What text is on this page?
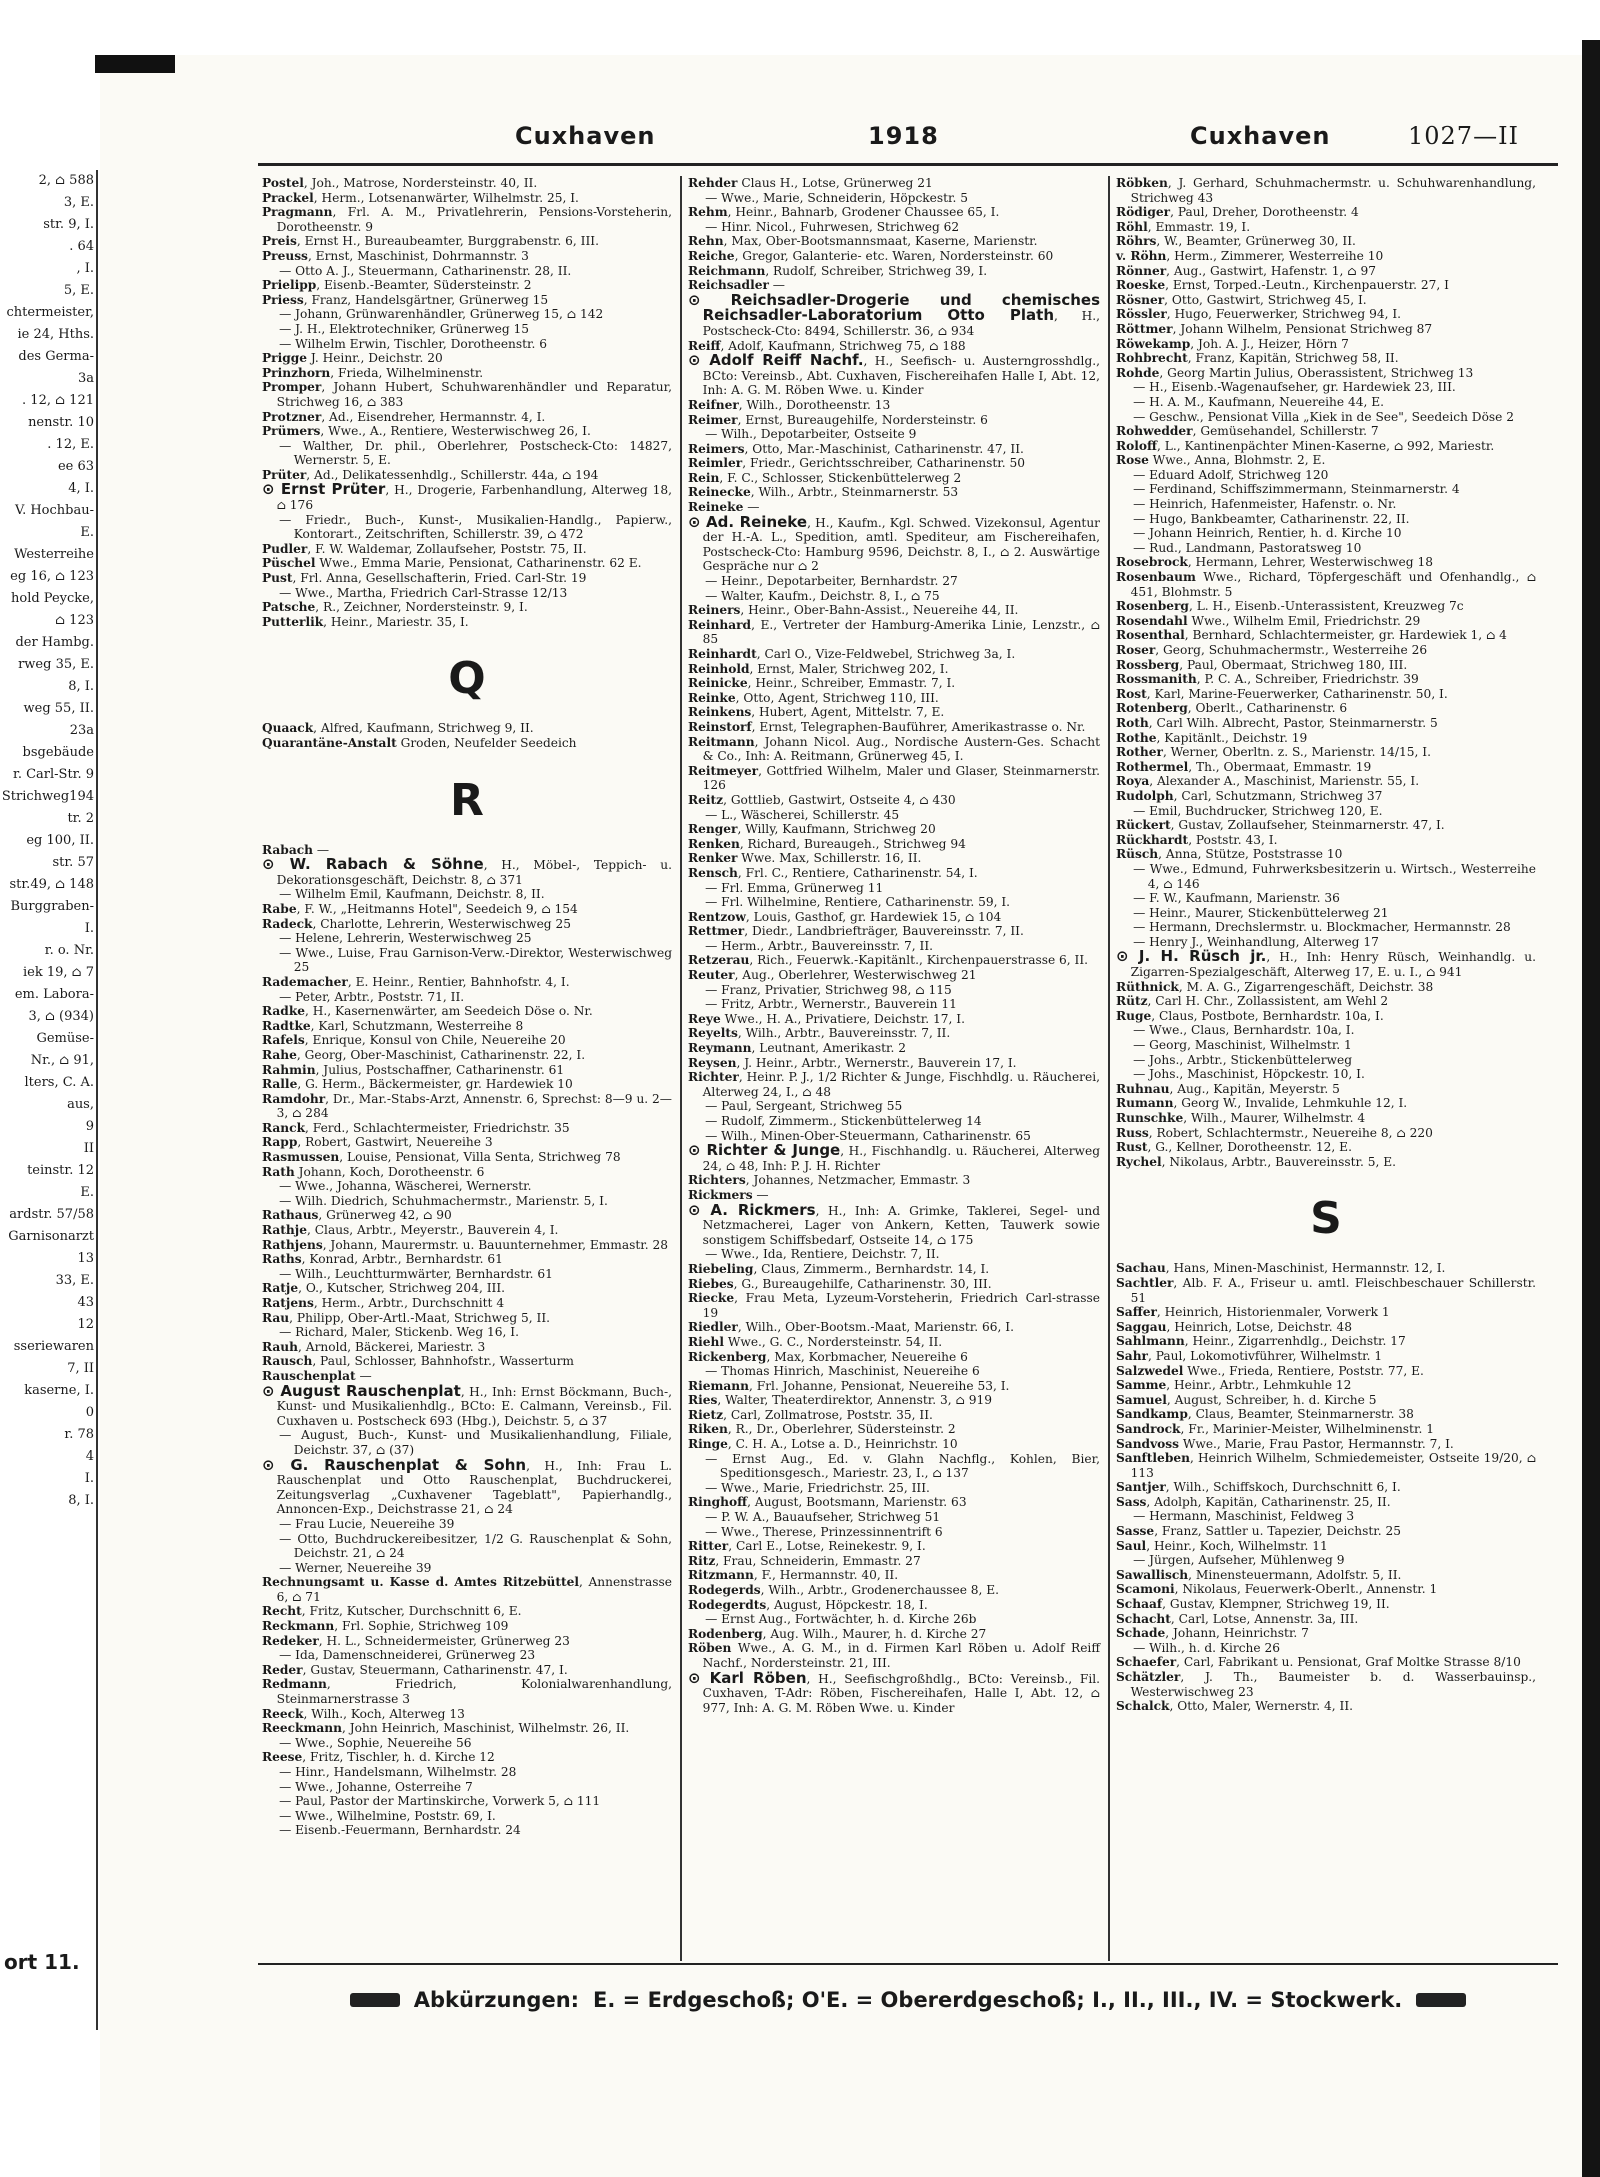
2, ⌂ 588
3, E.
str. 9, I.
. 64
, I.
5, E.
chtermeister,
ie 24, Hths.
des Germa-
3a
. 12, ⌂ 121
nenstr. 10
. 12, E.
ee 63
4, I.
V. Hochbau-
E.
Westerreihe
eg 16, ⌂ 123
hold Peycke,
⌂ 123
der Hambg.
rweg 35, E.
8, I.
weg 55, II.
23a
bsgebäude
r. Carl-Str. 9
Strichweg194
tr. 2
eg 100, II.
str. 57
str.49, ⌂ 148
Burggraben-
I.
r. o. Nr.
iek 19, ⌂ 7
em. Labora-
3, ⌂ (934)
Gemüse-
Nr., ⌂ 91,
lters, C. A.
aus,
9
II
teinstr. 12
E.
ardstr. 57/58
Garnisonarzt
13
33, E.
43
12
sseriewaren
7, II
kaserne, I.
0
r. 78
4
I.
8, I.
ort 11.
Cuxhaven	1918	Cuxhaven	1027—II

Postel, Joh., Matrose, Nordersteinstr. 40, II.

Prackel, Herm., Lotsenanwärter, Wilhelmstr. 25, I.

Pragmann, Frl. A. M., Privatlehrerin, Pensions-Vorsteherin, Dorotheenstr. 9

Preis, Ernst H., Bureaubeamter, Burggrabenstr. 6, III.

Preuss, Ernst, Maschinist, Dohrmannstr. 3

— Otto A. J., Steuermann, Catharinenstr. 28, II.

Prielipp, Eisenb.-Beamter, Südersteinstr. 2

Priess, Franz, Handelsgärtner, Grünerweg 15

— Johann, Grünwarenhändler, Grünerweg 15, ⌂ 142

— J. H., Elektrotechniker, Grünerweg 15

— Wilhelm Erwin, Tischler, Dorotheenstr. 6

Prigge J. Heinr., Deichstr. 20

Prinzhorn, Frieda, Wilhelminenstr.

Promper, Johann Hubert, Schuhwarenhändler und Reparatur, Strichweg 16, ⌂ 383

Protzner, Ad., Eisendreher, Hermannstr. 4, I.

Prümers, Wwe., A., Rentiere, Westerwischweg 26, I.

— Walther, Dr. phil., Oberlehrer, Postscheck-Cto: 14827, Wernerstr. 5, E.

Prüter, Ad., Delikatessenhdlg., Schillerstr. 44a, ⌂ 194

⊙ Ernst Prüter, H., Drogerie, Farbenhandlung, Alterweg 18, ⌂ 176

— Friedr., Buch-, Kunst-, Musikalien-Handlg., Papierw., Kontorart., Zeitschriften, Schillerstr. 39, ⌂ 472

Pudler, F. W. Waldemar, Zollaufseher, Poststr. 75, II.

Püschel Wwe., Emma Marie, Pensionat, Catharinenstr. 62 E.

Pust, Frl. Anna, Gesellschafterin, Fried. Carl-Str. 19

— Wwe., Martha, Friedrich Carl-Strasse 12/13

Patsche, R., Zeichner, Nordersteinstr. 9, I.

Putterlik, Heinr., Mariestr. 35, I.

Q

Quaack, Alfred, Kaufmann, Strichweg 9, II.

Quarantäne-Anstalt Groden, Neufelder Seedeich

R

Rabach —

⊙ W. Rabach & Söhne, H., Möbel-, Teppich- u. Dekorationsgeschäft, Deichstr. 8, ⌂ 371

— Wilhelm Emil, Kaufmann, Deichstr. 8, II.

Rabe, F. W., „Heitmanns Hotel", Seedeich 9, ⌂ 154

Radeck, Charlotte, Lehrerin, Westerwischweg 25

— Helene, Lehrerin, Westerwischweg 25

— Wwe., Luise, Frau Garnison-Verw.-Direktor, Westerwischweg 25

Rademacher, E. Heinr., Rentier, Bahnhofstr. 4, I.

— Peter, Arbtr., Poststr. 71, II.

Radke, H., Kasernenwärter, am Seedeich Döse o. Nr.

Radtke, Karl, Schutzmann, Westerreihe 8

Rafels, Enrique, Konsul von Chile, Neuereihe 20

Rahe, Georg, Ober-Maschinist, Catharinenstr. 22, I.

Rahmin, Julius, Postschaffner, Catharinenstr. 61

Ralle, G. Herm., Bäckermeister, gr. Hardewiek 10

Ramdohr, Dr., Mar.-Stabs-Arzt, Annenstr. 6, Sprechst: 8—9 u. 2—3, ⌂ 284

Ranck, Ferd., Schlachtermeister, Friedrichstr. 35

Rapp, Robert, Gastwirt, Neuereihe 3

Rasmussen, Louise, Pensionat, Villa Senta, Strichweg 78

Rath Johann, Koch, Dorotheenstr. 6

— Wwe., Johanna, Wäscherei, Wernerstr.

— Wilh. Diedrich, Schuhmachermstr., Marienstr. 5, I.

Rathaus, Grünerweg 42, ⌂ 90

Rathje, Claus, Arbtr., Meyerstr., Bauverein 4, I.

Rathjens, Johann, Maurermstr. u. Bauunternehmer, Emmastr. 28

Raths, Konrad, Arbtr., Bernhardstr. 61

— Wilh., Leuchtturmwärter, Bernhardstr. 61

Ratje, O., Kutscher, Strichweg 204, III.

Ratjens, Herm., Arbtr., Durchschnitt 4

Rau, Philipp, Ober-Artl.-Maat, Strichweg 5, II.

— Richard, Maler, Stickenb. Weg 16, I.

Rauh, Arnold, Bäckerei, Mariestr. 3

Rausch, Paul, Schlosser, Bahnhofstr., Wasserturm

Rauschenplat —

⊙ August Rauschenplat, H., Inh: Ernst Böckmann, Buch-, Kunst- und Musikalienhdlg., BCto: E. Calmann, Vereinsb., Fil. Cuxhaven u. Postscheck 693 (Hbg.), Deichstr. 5, ⌂ 37

— August, Buch-, Kunst- und Musikalienhandlung, Filiale, Deichstr. 37, ⌂ (37)

⊙ G. Rauschenplat & Sohn, H., Inh: Frau L. Rauschenplat und Otto Rauschenplat, Buchdruckerei, Zeitungsverlag „Cuxhavener Tageblatt", Papierhandlg., Annoncen-Exp., Deichstrasse 21, ⌂ 24

— Frau Lucie, Neuereihe 39

— Otto, Buchdruckereibesitzer, 1/2 G. Rauschenplat & Sohn, Deichstr. 21, ⌂ 24

— Werner, Neuereihe 39

Rechnungsamt u. Kasse d. Amtes Ritzebüttel, Annenstrasse 6, ⌂ 71

Recht, Fritz, Kutscher, Durchschnitt 6, E.

Reckmann, Frl. Sophie, Strichweg 109

Redeker, H. L., Schneidermeister, Grünerweg 23

— Ida, Damenschneiderei, Grünerweg 23

Reder, Gustav, Steuermann, Catharinenstr. 47, I.

Redmann, Friedrich, Kolonialwarenhandlung, Steinmarnerstrasse 3

Reeck, Wilh., Koch, Alterweg 13

Reeckmann, John Heinrich, Maschinist, Wilhelmstr. 26, II.

— Wwe., Sophie, Neuereihe 56

Reese, Fritz, Tischler, h. d. Kirche 12

— Hinr., Handelsmann, Wilhelmstr. 28

— Wwe., Johanne, Osterreihe 7

— Paul, Pastor der Martinskirche, Vorwerk 5, ⌂ 111

— Wwe., Wilhelmine, Poststr. 69, I.

— Eisenb.-Feuermann, Bernhardstr. 24

Rehder Claus H., Lotse, Grünerweg 21

— Wwe., Marie, Schneiderin, Höpckestr. 5

Rehm, Heinr., Bahnarb, Grodener Chaussee 65, I.

— Hinr. Nicol., Fuhrwesen, Strichweg 62

Rehn, Max, Ober-Bootsmannsmaat, Kaserne, Marienstr.

Reiche, Gregor, Galanterie- etc. Waren, Nordersteinstr. 60

Reichmann, Rudolf, Schreiber, Strichweg 39, I.

Reichsadler —

⊙ Reichsadler-Drogerie und chemisches Reichsadler-Laboratorium Otto Plath, H., Postscheck-Cto: 8494, Schillerstr. 36, ⌂ 934

Reiff, Adolf, Kaufmann, Strichweg 75, ⌂ 188

⊙ Adolf Reiff Nachf., H., Seefisch- u. Austerngrosshdlg., BCto: Vereinsb., Abt. Cuxhaven, Fischereihafen Halle I, Abt. 12, Inh: A. G. M. Röben Wwe. u. Kinder

Reifner, Wilh., Dorotheenstr. 13

Reimer, Ernst, Bureaugehilfe, Nordersteinstr. 6

— Wilh., Depotarbeiter, Ostseite 9

Reimers, Otto, Mar.-Maschinist, Catharinenstr. 47, II.

Reimler, Friedr., Gerichtsschreiber, Catharinenstr. 50

Rein, F. C., Schlosser, Stickenbüttelerweg 2

Reinecke, Wilh., Arbtr., Steinmarnerstr. 53

Reineke —

⊙ Ad. Reineke, H., Kaufm., Kgl. Schwed. Vizekonsul, Agentur der H.-A. L., Spedition, amtl. Spediteur, am Fischereihafen, Postscheck-Cto: Hamburg 9596, Deichstr. 8, I., ⌂ 2. Auswärtige Gespräche nur ⌂ 2

— Heinr., Depotarbeiter, Bernhardstr. 27

— Walter, Kaufm., Deichstr. 8, I., ⌂ 75

Reiners, Heinr., Ober-Bahn-Assist., Neuereihe 44, II.

Reinhard, E., Vertreter der Hamburg-Amerika Linie, Lenzstr., ⌂ 85

Reinhardt, Carl O., Vize-Feldwebel, Strichweg 3a, I.

Reinhold, Ernst, Maler, Strichweg 202, I.

Reinicke, Heinr., Schreiber, Emmastr. 7, I.

Reinke, Otto, Agent, Strichweg 110, III.

Reinkens, Hubert, Agent, Mittelstr. 7, E.

Reinstorf, Ernst, Telegraphen-Bauführer, Amerikastrasse o. Nr.

Reitmann, Johann Nicol. Aug., Nordische Austern-Ges. Schacht & Co., Inh: A. Reitmann, Grünerweg 45, I.

Reitmeyer, Gottfried Wilhelm, Maler und Glaser, Steinmarnerstr. 126

Reitz, Gottlieb, Gastwirt, Ostseite 4, ⌂ 430

— L., Wäscherei, Schillerstr. 45

Renger, Willy, Kaufmann, Strichweg 20

Renken, Richard, Bureaugeh., Strichweg 94

Renker Wwe. Max, Schillerstr. 16, II.

Rensch, Frl. C., Rentiere, Catharinenstr. 54, I.

— Frl. Emma, Grünerweg 11

— Frl. Wilhelmine, Rentiere, Catharinenstr. 59, I.

Rentzow, Louis, Gasthof, gr. Hardewiek 15, ⌂ 104

Rettmer, Diedr., Landbriefträger, Bauvereinsstr. 7, II.

— Herm., Arbtr., Bauvereinsstr. 7, II.

Retzerau, Rich., Feuerwk.-Kapitänlt., Kirchenpauerstrasse 6, II.

Reuter, Aug., Oberlehrer, Westerwischweg 21

— Franz, Privatier, Strichweg 98, ⌂ 115

— Fritz, Arbtr., Wernerstr., Bauverein 11

Reye Wwe., H. A., Privatiere, Deichstr. 17, I.

Reyelts, Wilh., Arbtr., Bauvereinsstr. 7, II.

Reymann, Leutnant, Amerikastr. 2

Reysen, J. Heinr., Arbtr., Wernerstr., Bauverein 17, I.

Richter, Heinr. P. J., 1/2 Richter & Junge, Fischhdlg. u. Räucherei, Alterweg 24, I., ⌂ 48

— Paul, Sergeant, Strichweg 55

— Rudolf, Zimmerm., Stickenbüttelerweg 14

— Wilh., Minen-Ober-Steuermann, Catharinenstr. 65

⊙ Richter & Junge, H., Fischhandlg. u. Räucherei, Alterweg 24, ⌂ 48, Inh: P. J. H. Richter

Richters, Johannes, Netzmacher, Emmastr. 3

Rickmers —

⊙ A. Rickmers, H., Inh: A. Grimke, Taklerei, Segel- und Netzmacherei, Lager von Ankern, Ketten, Tauwerk sowie sonstigem Schiffsbedarf, Ostseite 14, ⌂ 175

— Wwe., Ida, Rentiere, Deichstr. 7, II.

Riebeling, Claus, Zimmerm., Bernhardstr. 14, I.

Riebes, G., Bureaugehilfe, Catharinenstr. 30, III.

Riecke, Frau Meta, Lyzeum-Vorsteherin, Friedrich Carl-strasse 19

Riedler, Wilh., Ober-Bootsm.-Maat, Marienstr. 66, I.

Riehl Wwe., G. C., Nordersteinstr. 54, II.

Rickenberg, Max, Korbmacher, Neuereihe 6

— Thomas Hinrich, Maschinist, Neuereihe 6

Riemann, Frl. Johanne, Pensionat, Neuereihe 53, I.

Ries, Walter, Theaterdirektor, Annenstr. 3, ⌂ 919

Rietz, Carl, Zollmatrose, Poststr. 35, II.

Riken, R., Dr., Oberlehrer, Südersteinstr. 2

Ringe, C. H. A., Lotse a. D., Heinrichstr. 10

— Ernst Aug., Ed. v. Glahn Nachflg., Kohlen, Bier, Speditionsgesch., Mariestr. 23, I., ⌂ 137

— Wwe., Marie, Friedrichstr. 25, III.

Ringhoff, August, Bootsmann, Marienstr. 63

— P. W. A., Bauaufseher, Strichweg 51

— Wwe., Therese, Prinzessinnentrift 6

Ritter, Carl E., Lotse, Reinekestr. 9, I.

Ritz, Frau, Schneiderin, Emmastr. 27

Ritzmann, F., Hermannstr. 40, II.

Rodegerds, Wilh., Arbtr., Grodenerchaussee 8, E.

Rodegerdts, August, Höpckestr. 18, I.

— Ernst Aug., Fortwächter, h. d. Kirche 26b

Rodenberg, Aug. Wilh., Maurer, h. d. Kirche 27

Röben Wwe., A. G. M., in d. Firmen Karl Röben u. Adolf Reiff Nachf., Nordersteinstr. 21, III.

⊙ Karl Röben, H., Seefischgroßhdlg., BCto: Vereinsb., Fil. Cuxhaven, T-Adr: Röben, Fischereihafen, Halle I, Abt. 12, ⌂ 977, Inh: A. G. M. Röben Wwe. u. Kinder

Röbken, J. Gerhard, Schuhmachermstr. u. Schuhwarenhandlung, Strichweg 43

Rödiger, Paul, Dreher, Dorotheenstr. 4

Röhl, Emmastr. 19, I.

Röhrs, W., Beamter, Grünerweg 30, II.

v. Röhn, Herm., Zimmerer, Westerreihe 10

Rönner, Aug., Gastwirt, Hafenstr. 1, ⌂ 97

Roeske, Ernst, Torped.-Leutn., Kirchenpauerstr. 27, I

Rösner, Otto, Gastwirt, Strichweg 45, I.

Rössler, Hugo, Feuerwerker, Strichweg 94, I.

Röttmer, Johann Wilhelm, Pensionat Strichweg 87

Röwekamp, Joh. A. J., Heizer, Hörn 7

Rohbrecht, Franz, Kapitän, Strichweg 58, II.

Rohde, Georg Martin Julius, Oberassistent, Strichweg 13

— H., Eisenb.-Wagenaufseher, gr. Hardewiek 23, III.

— H. A. M., Kaufmann, Neuereihe 44, E.

— Geschw., Pensionat Villa „Kiek in de See", Seedeich Döse 2

Rohwedder, Gemüsehandel, Schillerstr. 7

Roloff, L., Kantinenpächter Minen-Kaserne, ⌂ 992, Mariestr.

Rose Wwe., Anna, Blohmstr. 2, E.

— Eduard Adolf, Strichweg 120

— Ferdinand, Schiffszimmermann, Steinmarnerstr. 4

— Heinrich, Hafenmeister, Hafenstr. o. Nr.

— Hugo, Bankbeamter, Catharinenstr. 22, II.

— Johann Heinrich, Rentier, h. d. Kirche 10

— Rud., Landmann, Pastoratsweg 10

Rosebrock, Hermann, Lehrer, Westerwischweg 18

Rosenbaum Wwe., Richard, Töpfergeschäft und Ofenhandlg., ⌂ 451, Blohmstr. 5

Rosenberg, L. H., Eisenb.-Unterassistent, Kreuzweg 7c

Rosendahl Wwe., Wilhelm Emil, Friedrichstr. 29

Rosenthal, Bernhard, Schlachtermeister, gr. Hardewiek 1, ⌂ 4

Roser, Georg, Schuhmachermstr., Westerreihe 26

Rossberg, Paul, Obermaat, Strichweg 180, III.

Rossmanith, P. C. A., Schreiber, Friedrichstr. 39

Rost, Karl, Marine-Feuerwerker, Catharinenstr. 50, I.

Rotenberg, Oberlt., Catharinenstr. 6

Roth, Carl Wilh. Albrecht, Pastor, Steinmarnerstr. 5

Rothe, Kapitänlt., Deichstr. 19

Rother, Werner, Oberltn. z. S., Marienstr. 14/15, I.

Rothermel, Th., Obermaat, Emmastr. 19

Roya, Alexander A., Maschinist, Marienstr. 55, I.

Rudolph, Carl, Schutzmann, Strichweg 37

— Emil, Buchdrucker, Strichweg 120, E.

Rückert, Gustav, Zollaufseher, Steinmarnerstr. 47, I.

Rückhardt, Poststr. 43, I.

Rüsch, Anna, Stütze, Poststrasse 10

— Wwe., Edmund, Fuhrwerksbesitzerin u. Wirtsch., Westerreihe 4, ⌂ 146

— F. W., Kaufmann, Marienstr. 36

— Heinr., Maurer, Stickenbüttelerweg 21

— Hermann, Drechslermstr. u. Blockmacher, Hermannstr. 28

— Henry J., Weinhandlung, Alterweg 17

⊙ J. H. Rüsch jr., H., Inh: Henry Rüsch, Weinhandlg. u. Zigarren-Spezialgeschäft, Alterweg 17, E. u. I., ⌂ 941

Rüthnick, M. A. G., Zigarrengeschäft, Deichstr. 38

Rütz, Carl H. Chr., Zollassistent, am Wehl 2

Ruge, Claus, Postbote, Bernhardstr. 10a, I.

— Wwe., Claus, Bernhardstr. 10a, I.

— Georg, Maschinist, Wilhelmstr. 1

— Johs., Arbtr., Stickenbüttelerweg

— Johs., Maschinist, Höpckestr. 10, I.

Ruhnau, Aug., Kapitän, Meyerstr. 5

Rumann, Georg W., Invalide, Lehmkuhle 12, I.

Runschke, Wilh., Maurer, Wilhelmstr. 4

Russ, Robert, Schlachtermstr., Neuereihe 8, ⌂ 220

Rust, G., Kellner, Dorotheenstr. 12, E.

Rychel, Nikolaus, Arbtr., Bauvereinsstr. 5, E.

S

Sachau, Hans, Minen-Maschinist, Hermannstr. 12, I.

Sachtler, Alb. F. A., Friseur u. amtl. Fleischbeschauer Schillerstr. 51

Saffer, Heinrich, Historienmaler, Vorwerk 1

Saggau, Heinrich, Lotse, Deichstr. 48

Sahlmann, Heinr., Zigarrenhdlg., Deichstr. 17

Sahr, Paul, Lokomotivführer, Wilhelmstr. 1

Salzwedel Wwe., Frieda, Rentiere, Poststr. 77, E.

Samme, Heinr., Arbtr., Lehmkuhle 12

Samuel, August, Schreiber, h. d. Kirche 5

Sandkamp, Claus, Beamter, Steinmarnerstr. 38

Sandrock, Fr., Marinier-Meister, Wilhelminenstr. 1

Sandvoss Wwe., Marie, Frau Pastor, Hermannstr. 7, I.

Sanftleben, Heinrich Wilhelm, Schmiedemeister, Ostseite 19/20, ⌂ 113

Santjer, Wilh., Schiffskoch, Durchschnitt 6, I.

Sass, Adolph, Kapitän, Catharinenstr. 25, II.

— Hermann, Maschinist, Feldweg 3

Sasse, Franz, Sattler u. Tapezier, Deichstr. 25

Saul, Heinr., Koch, Wilhelmstr. 11

— Jürgen, Aufseher, Mühlenweg 9

Sawallisch, Minensteuermann, Adolfstr. 5, II.

Scamoni, Nikolaus, Feuerwerk-Oberlt., Annenstr. 1

Schaaf, Gustav, Klempner, Strichweg 19, II.

Schacht, Carl, Lotse, Annenstr. 3a, III.

Schade, Johann, Heinrichstr. 7

— Wilh., h. d. Kirche 26

Schaefer, Carl, Fabrikant u. Pensionat, Graf Moltke Strasse 8/10

Schätzler, J. Th., Baumeister b. d. Wasserbauinsp., Westerwischweg 23

Schalck, Otto, Maler, Wernerstr. 4, II.

Abkürzungen: E. = Erdgeschoß; O'E. = Obererdgeschoß; I., II., III., IV. = Stockwerk.
